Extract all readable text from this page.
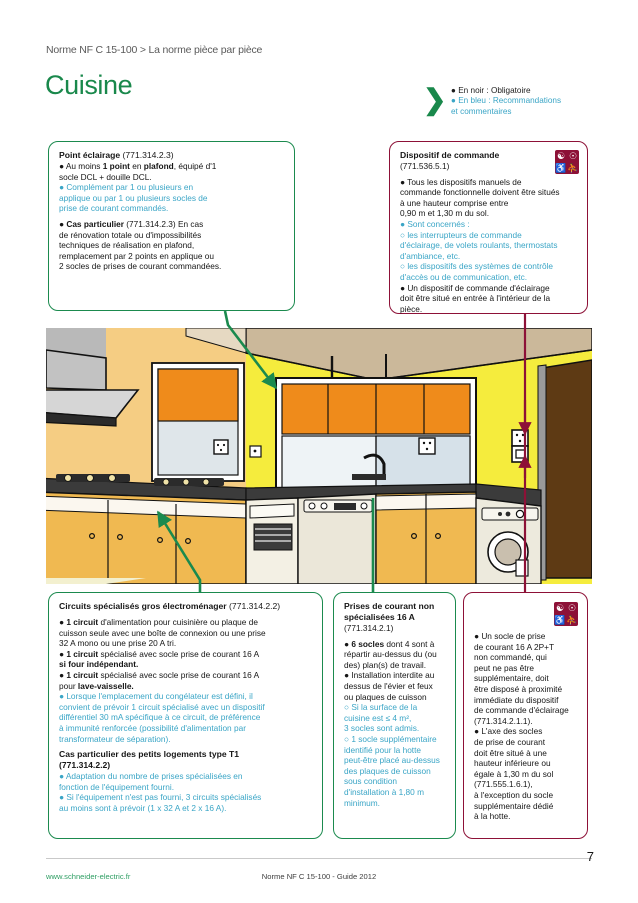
Norme NF C 15-100 > La norme pièce par pièce
Cuisine	❯ ● En noir : Obligatoire
● En bleu : Recommandations
et commentaires

Point éclairage (771.314.2.3)

● Au moins 1 point en plafond, équipé d'1

socle DCL + douille DCL.

● Complément par 1 ou plusieurs en

applique ou par 1 ou plusieurs socles de

prise de courant commandés.

● Cas particulier (771.314.2.3) En cas

de rénovation totale ou d'impossibilités

techniques de réalisation en plafond,

remplacement par 2 points en applique ou

2 socles de prises de courant commandées.

☯ ☉
♿ ⛹

Dispositif de commande

(771.536.5.1)

● Tous les dispositifs manuels de

commande fonctionnelle doivent être situés

à une hauteur comprise entre

0,90 m et 1,30 m du sol.

● Sont concernés :

○ les interrupteurs de commande

d'éclairage, de volets roulants, thermostats

d'ambiance, etc.

○ les dispositifs des systèmes de contrôle

d'accès ou de communication, etc.

● Un dispositif de commande d'éclairage

doit être situé en entrée à l'intérieur de la

pièce.

Circuits spécialisés gros électroménager (771.314.2.2)

● 1 circuit d'alimentation pour cuisinière ou plaque de

cuisson seule avec une boîte de connexion ou une prise

32 A mono ou une prise 20 A tri.

● 1 circuit spécialisé avec socle prise de courant 16 A

si four indépendant.

● 1 circuit spécialisé avec socle prise de courant 16 A

pour lave-vaisselle.

● Lorsque l'emplacement du congélateur est défini, il

convient de prévoir 1 circuit spécialisé avec un dispositif

différentiel 30 mA spécifique à ce circuit, de préférence

à immunité renforcée (possibilité d'alimentation par

transformateur de séparation).

Cas particulier des petits logements type T1

(771.314.2.2)

● Adaptation du nombre de prises spécialisées en

fonction de l'équipement fourni.

● Si l'équipement n'est pas fourni, 3 circuits spécialisés

au moins sont à prévoir (1 x 32 A et 2 x 16 A).

Prises de courant non

spécialisées 16 A

(771.314.2.1)

● 6 socles dont 4 sont à

répartir au-dessus du (ou

des) plan(s) de travail.

● Installation interdite au

dessus de l'évier et feux

ou plaques de cuisson

○ Si la surface de la

cuisine est ≤ 4 m²,

3 socles sont admis.

○ 1 socle supplémentaire

identifié pour la hotte

peut-être placé au-dessus

des plaques de cuisson

sous condition

d'installation à 1,80 m

minimum.

☯ ☉
♿ ⛹

● Un socle de prise

de courant 16 A 2P+T

non commandé, qui

peut ne pas être

supplémentaire, doit

être disposé à proximité

immédiate du dispositif

de commande d'éclairage

(771.314.2.1.1).

● L'axe des socles

de prise de courant

doit être situé à une

hauteur inférieure ou

égale à 1,30 m du sol

(771.555.1.6.1),

à l'exception du socle

supplémentaire dédié

à la hotte.

www.schneider-electric.fr	Norme NF C 15-100 - Guide 2012
7
